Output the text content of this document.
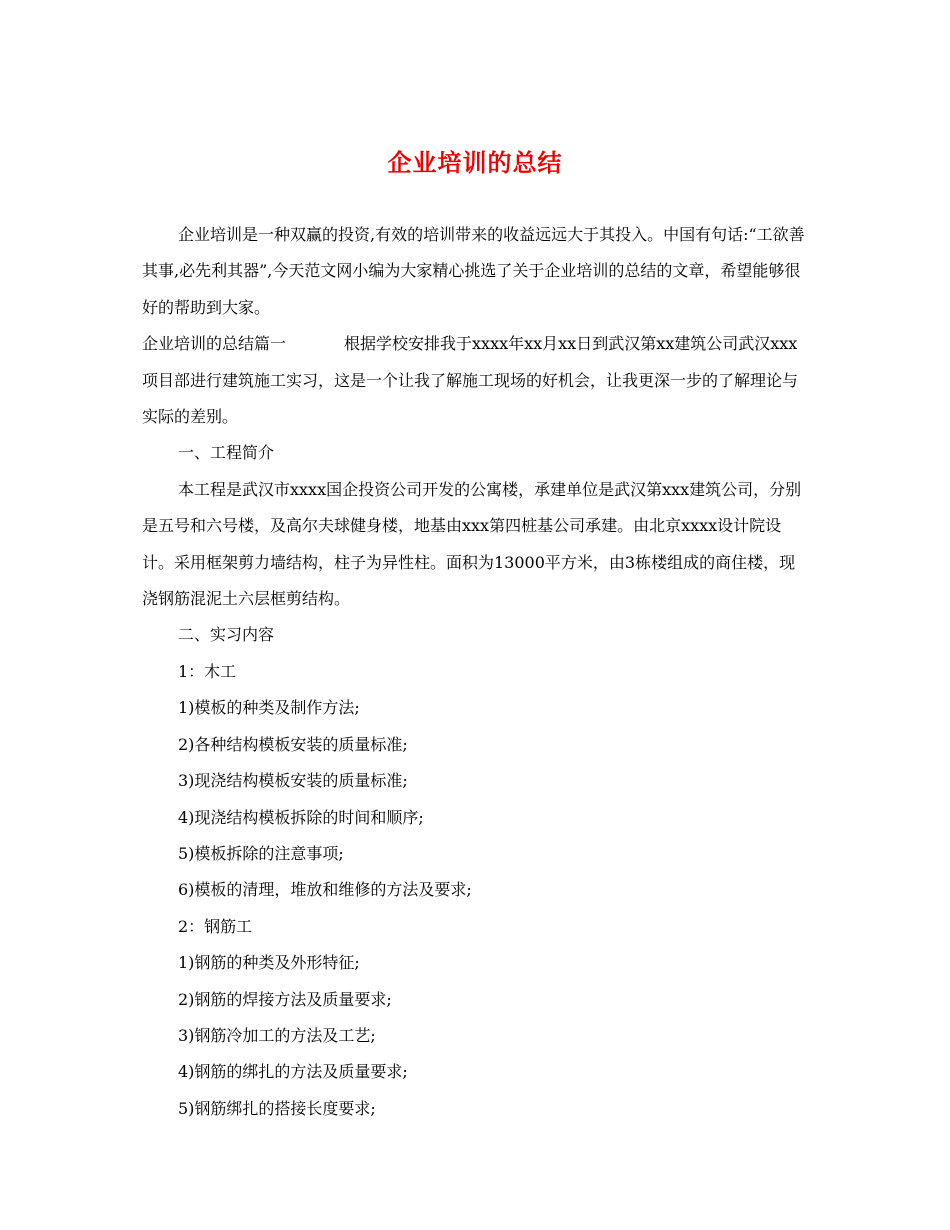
企业培训的总结

企业培训是一种双赢的投资,有效的培训带来的收益远远大于其投入。中国有句话:“工欲善其事,必先利其器”,今天范文网小编为大家精心挑选了关于企业培训的总结的文章，希望能够很好的帮助到大家。

企业培训的总结篇一	根据学校安排我于xxxx年xx月xx日到武汉第xx建筑公司武汉xxx项目部进行建筑施工实习，这是一个让我了解施工现场的好机会，让我更深一步的了解理论与实际的差别。

一、工程简介

本工程是武汉市xxxx国企投资公司开发的公寓楼，承建单位是武汉第xxx建筑公司，分别是五号和六号楼，及高尔夫球健身楼，地基由xxx第四桩基公司承建。由北京xxxx设计院设计。采用框架剪力墙结构，柱子为异性柱。面积为13000平方米，由3栋楼组成的商住楼，现浇钢筋混泥土六层框剪结构。

二、实习内容

1：木工

1)模板的种类及制作方法;

2)各种结构模板安装的质量标准;

3)现浇结构模板安装的质量标准;

4)现浇结构模板拆除的时间和顺序;

5)模板拆除的注意事项;

6)模板的清理，堆放和维修的方法及要求;

2：钢筋工

1)钢筋的种类及外形特征;

2)钢筋的焊接方法及质量要求;

3)钢筋冷加工的方法及工艺;

4)钢筋的绑扎的方法及质量要求;

5)钢筋绑扎的搭接长度要求;
